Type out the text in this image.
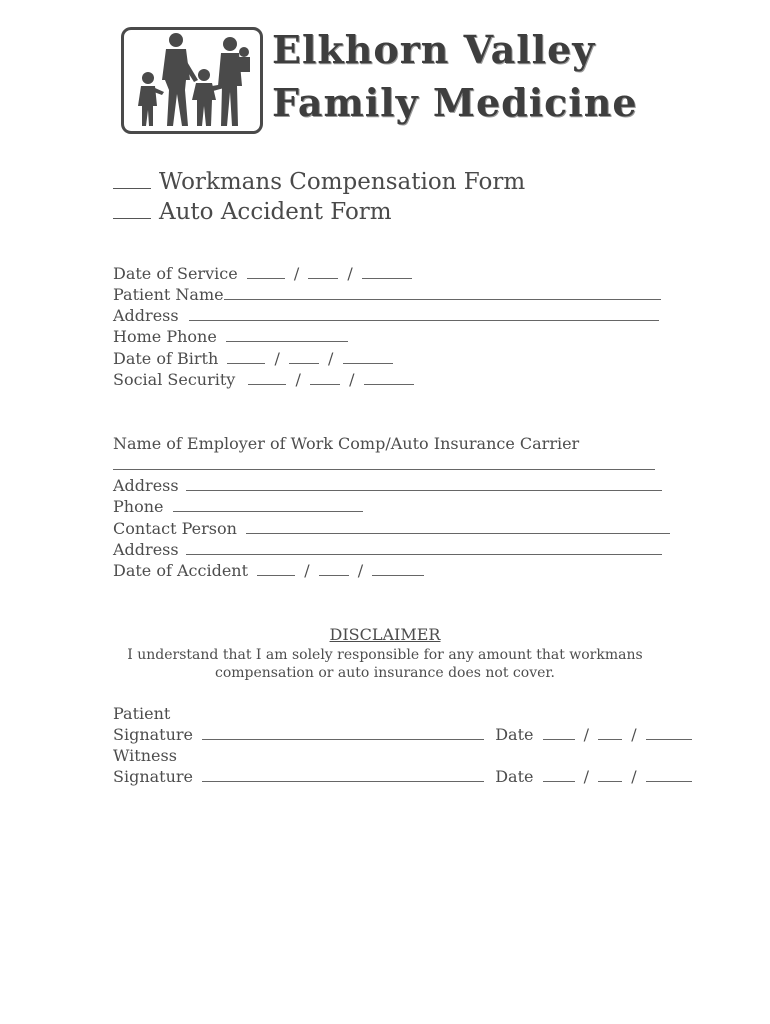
Elkhorn Valley
Family Medicine
Workmans Compensation Form
Auto Accident Form
Date of Service	/	/
Patient Name
Address
Home Phone
Date of Birth	/	/
Social Security	/	/
Name of Employer of Work Comp/Auto Insurance Carrier
Address
Phone
Contact Person
Address
Date of Accident	/	/
DISCLAIMER
I understand that I am solely responsible for any amount that workmans
compensation or auto insurance does not cover.
Patient
Signature	Date	/	/
Witness
Signature	Date	/	/
